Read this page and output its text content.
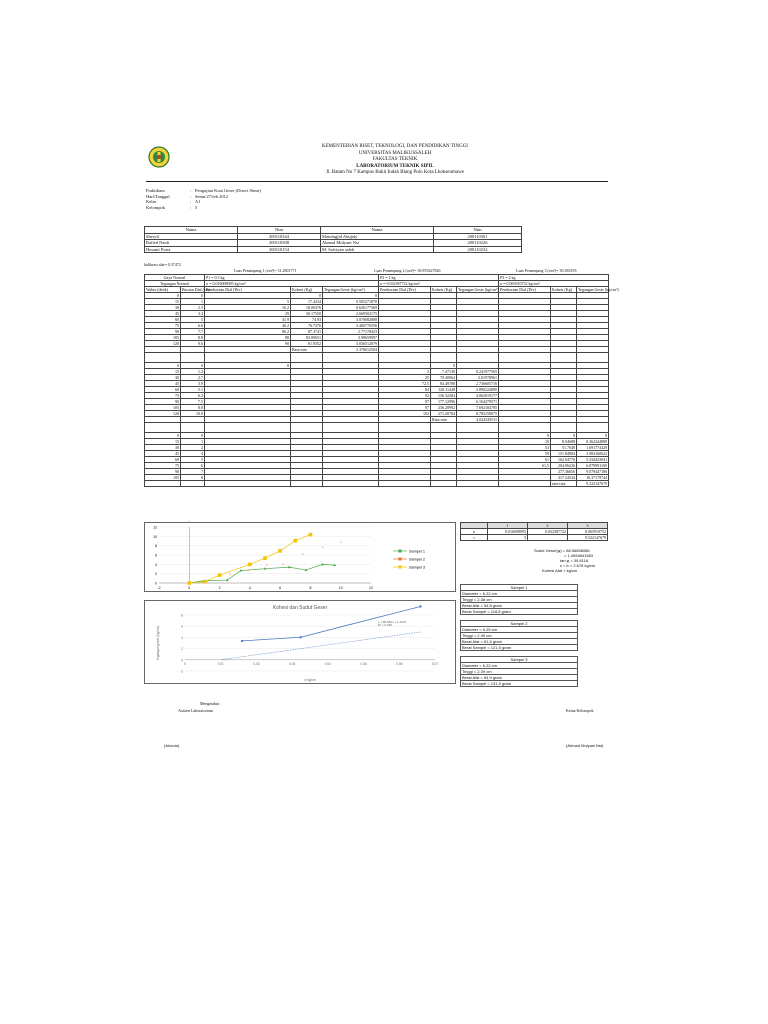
KEMENTERIAN RISET, TEKNOLOGI, DAN PENDIDIKAN TINGGI
UNIVERSITAS MALIKUSSALEH
FAKULTAS TEKNIK
LABORATORIUM TEKNIK SIPIL
Jl. Batam No 7 Kampus Bukit Indah Blang Pulo Kota Lhokseumawe
Praktikum	:	Pengujian Kuat Geser (Direct Shear)
Hari/Tanggal	:	Senin/27/feb 2012
Kelas	:	A1
Kelompok	:	5
Nama	Nim	Nama	Nim
Sheryli	200110344	Matulugjid Abujaly	200110301
Rafied Nanfi	200110308	Ahmad Mulyani Nst	200110226
Hesanti Putra	200110154	M. Sofriyan saleh	200110232
kalibrasi alat= 0.37472
Luas Penampang 1 (cm²)= 31.2801771	Luas Penampang 2 (cm²)= 30.876427826	Luas Penampang 3 (cm²)= 30.383193
Gaya Normal		P1 = 0.5 kg			P2 = 1 kg			P3 = 2 kg		
Tegangan Normal		σ = 0.016008095 kg/cm²			σ = 0.032387722 kg/cm²			σ = 0.065910752 kg/cm²		
Waktu (detik)	Bacaan Dial (cm)	Pembacaan Dial (Div)	Kohesi (Kg)	Tegangan Geser (kg/cm²)	Pembacaan Dial (Div)	Kohesi (Kg)	Tegangan Geser (kg/cm²)	Pembacaan Dial (Div)	Kohesi (Kg)	Tegangan Geser (kg/cm²)
0	0		0	0						
15	1	5	17.4234	0.505271870						
30	2.5	16.2	18.06376	0.626177369						
45	3.4	29	30.17550	2.669502175						
60	5	41.9	74.93	3.070682888						
75	6.6	46.2	76.7376	3.400776556						
90	7.7	86.2	87.3741	2.77178423						
105	8.8	88	83.09651	3.98659997						
120	9.6	90	81.9352	3.836512079						
			Rata-rata	3.376612504						

0	0	0				0				
15	1.2				3	7.47138	0.241977565			
30	2.7				25	70.40064	2.01978961			
45	3.9				72.5	84.49788	2.736605716			
60	5.1				84	120.11448	3.890224890			
75	6.2				92	136.32284	4.062019177			
90	7.5				97	177.12996	6.164279571			
105	8.8				97	236.20992	7.692184785			
120	10.0				102	271.20784	8.783158075			
						Rata-rata	4.024329511			

0	0							0	0	0
15	1							10	8.04688	0.262244888
30	2							53	51.7048	1.691774429
45	4							59	151.84984	3.984160622
60	5							61	162.04776	5.334423941
75	6							61.5	204.06226	6.879991169
90	7								277.36656	9.079447186
105	8								317.24544	10.37179744
									rata-rata	9.522147679
12
10
8
6
4
2
0
-2	0	2	4	6	8	10	12
Sampel 1
×
×
×
×
×	×
×
×
×
Sampel 2
Sampel 3
	1	2	3
σ	0.016008095	0.032387722	0.065910752
τ	3		9.522147679
Sudut Geser(φ) = 88.56858086
= 1.4994841563
tan φ = 30.8118
c = b = 2.676 kg/cm
Kohesi Alat = kg/cm
Kohesi dan Sudut Geser
8
6
4
2
0
-2
0	0.01	0.02	0.03	0.04	0.05	0.06	0.07
tegangan geser (kg/cm)
σ kg/cm
y = 88.568x + 1.4279
R² = 0.995
Sampel 1
Diameter = 6.22 cm
Tinggi = 2.38 cm
Berat Alat = 54,8 gram
Berat Sampel = 118,8 gram
Sampel 2
Diameter = 6.25 cm
Tinggi = 2.39 cm
Berat Alat = 61,6 gram
Berat Sampel = 121,5 gram
Sampel 3
Diameter = 6.22 cm
Tinggi = 2.39 cm
Berat Alat = 54,9 gram
Berat Sampel = 131,9 gram
Mengetahui :
Asisten Laboratorium	Ketua Kelompok
(Alunda)	(Ahmad Mulyani Nst)
